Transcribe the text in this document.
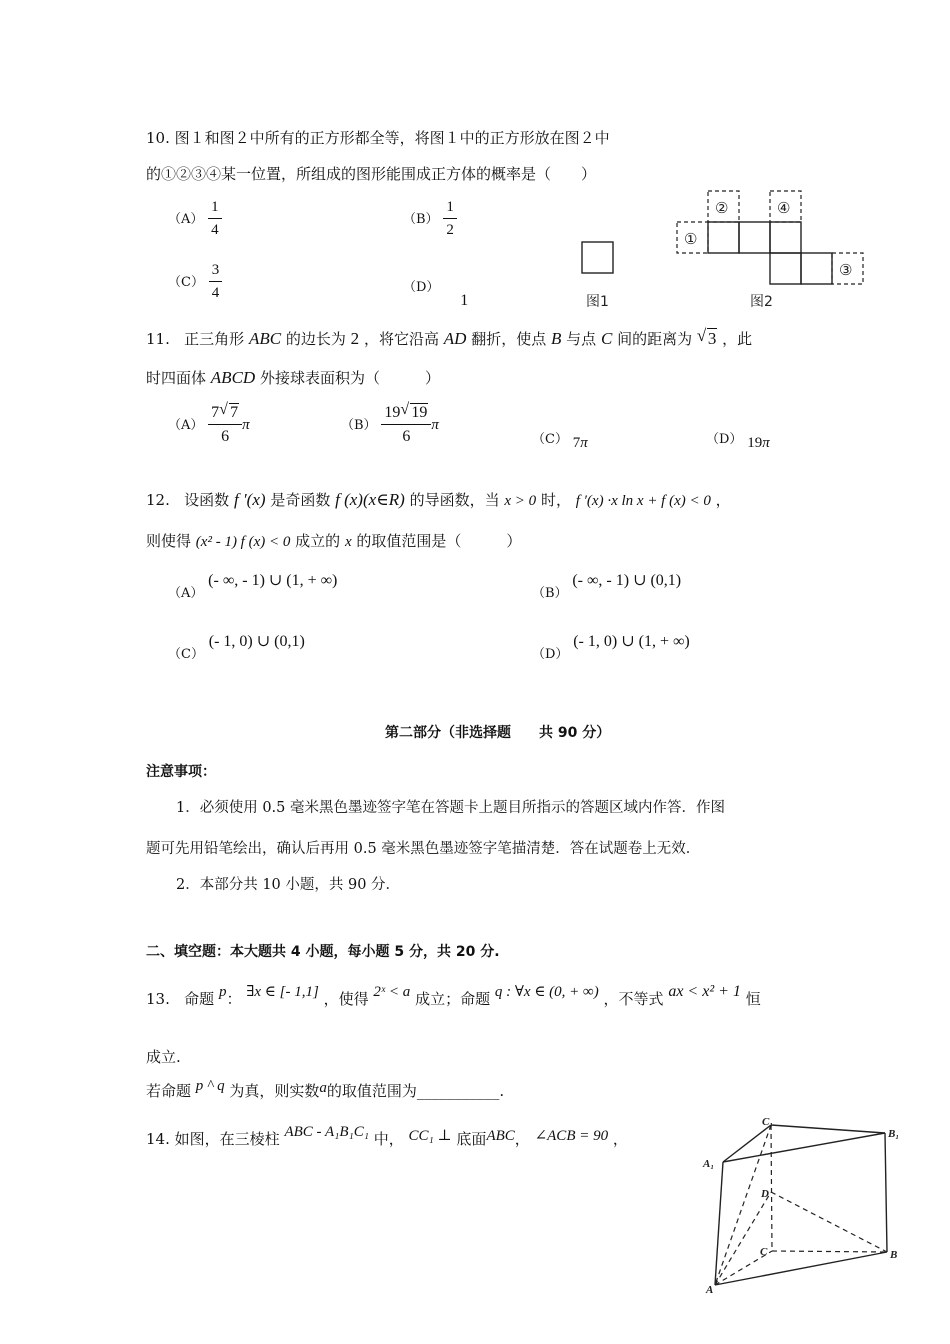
10. 图１和图２中所有的正方形都全等，将图１中的正方形放在图２中
的①②③④某一位置，所组成的图形能围成正方体的概率是（　　）
$(A) \frac{1}{4}$	$(B) \frac{1}{2}$
$(C) \frac{3}{4}$	（D） 1	图1
①
②	④
③
图2
11. 正三角形 ABC 的边长为 2 ，将它沿高 AD 翻折，使点 B 与点 C 间的距离为 √ 3 ，此
时四面体 ABCD 外接球表面积为（　　　）
$(A) \frac{7 √ 7}{6}$ π	$(B) \frac{19 √ 19}{6}$ π
（C） 7π	（D） 19π
12. 设函数 f ′(x) 是奇函数 f (x)(x∈R) 的导函数，当 x > 0 时， f ′(x) ·x ln x + f (x) < 0 ，
则使得 (x² - 1) f (x) < 0 成立的 x 的取值范围是（　　　）
（A） (- ∞, - 1) ∪ (1, + ∞)
（B） (- ∞, - 1) ∪ (0,1)
（C） (- 1, 0) ∪ (0,1)
（D） (- 1, 0) ∪ (1, + ∞)
第二部分（非选择题　　共 90 分）
注意事项：
1．必须使用 0.5 毫米黑色墨迹签字笔在答题卡上题目所指示的答题区域内作答．作图
题可先用铅笔绘出，确认后再用 0.5 毫米黑色墨迹签字笔描清楚．答在试题卷上无效．
2．本部分共 10 小题，共 90 分．
二、填空题：本大题共 4 小题，每小题 5 分，共 20 分.
13. 命题 p： ∃x ∈ [- 1,1] ，使得 2ˣ < a 成立；命题 q : ∀x ∈ (0, + ∞) ，不等式 ax < x² + 1 恒
成立.
若命题 p ^ q 为真，则实数a的取值范围为___________.
14. 如图，在三棱柱 ABC - A₁B₁C₁ 中， CC₁ ⊥ 底面ABC， ∠ACB = 90 ，
C₁
B₁
A₁
D
C	B
A
